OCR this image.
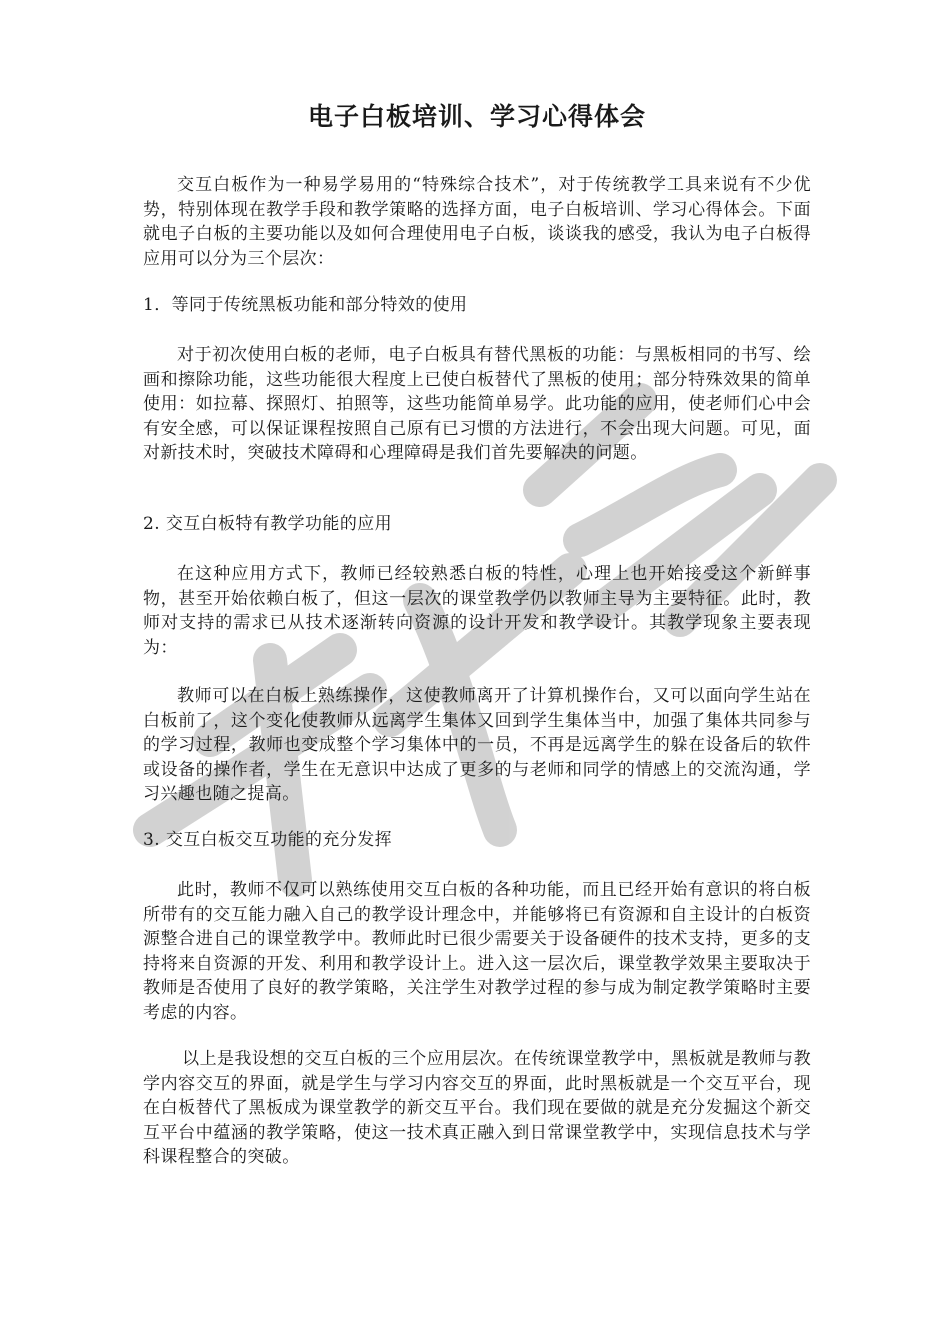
电子白板培训、学习心得体会

交互白板作为一种易学易用的“特殊综合技术”，对于传统教学工具来说有不少优势，特别体现在教学手段和教学策略的选择方面，电子白板培训、学习心得体会。下面就电子白板的主要功能以及如何合理使用电子白板，谈谈我的感受，我认为电子白板得应用可以分为三个层次：

1．等同于传统黑板功能和部分特效的使用

对于初次使用白板的老师，电子白板具有替代黑板的功能：与黑板相同的书写、绘画和擦除功能，这些功能很大程度上已使白板替代了黑板的使用；部分特殊效果的简单使用：如拉幕、探照灯、拍照等，这些功能简单易学。此功能的应用，使老师们心中会有安全感，可以保证课程按照自己原有已习惯的方法进行，不会出现大问题。可见，面对新技术时，突破技术障碍和心理障碍是我们首先要解决的问题。

2. 交互白板特有教学功能的应用

在这种应用方式下，教师已经较熟悉白板的特性，心理上也开始接受这个新鲜事物，甚至开始依赖白板了，但这一层次的课堂教学仍以教师主导为主要特征。此时，教师对支持的需求已从技术逐渐转向资源的设计开发和教学设计。其教学现象主要表现为：

教师可以在白板上熟练操作，这使教师离开了计算机操作台，又可以面向学生站在白板前了，这个变化使教师从远离学生集体又回到学生集体当中，加强了集体共同参与的学习过程，教师也变成整个学习集体中的一员，不再是远离学生的躲在设备后的软件或设备的操作者，学生在无意识中达成了更多的与老师和同学的情感上的交流沟通，学习兴趣也随之提高。

3. 交互白板交互功能的充分发挥

此时，教师不仅可以熟练使用交互白板的各种功能，而且已经开始有意识的将白板所带有的交互能力融入自己的教学设计理念中，并能够将已有资源和自主设计的白板资源整合进自己的课堂教学中。教师此时已很少需要关于设备硬件的技术支持，更多的支持将来自资源的开发、利用和教学设计上。进入这一层次后，课堂教学效果主要取决于教师是否使用了良好的教学策略，关注学生对教学过程的参与成为制定教学策略时主要考虑的内容。

以上是我设想的交互白板的三个应用层次。在传统课堂教学中，黑板就是教师与教学内容交互的界面，就是学生与学习内容交互的界面，此时黑板就是一个交互平台，现在白板替代了黑板成为课堂教学的新交互平台。我们现在要做的就是充分发掘这个新交互平台中蕴涵的教学策略，使这一技术真正融入到日常课堂教学中，实现信息技术与学科课程整合的突破。
